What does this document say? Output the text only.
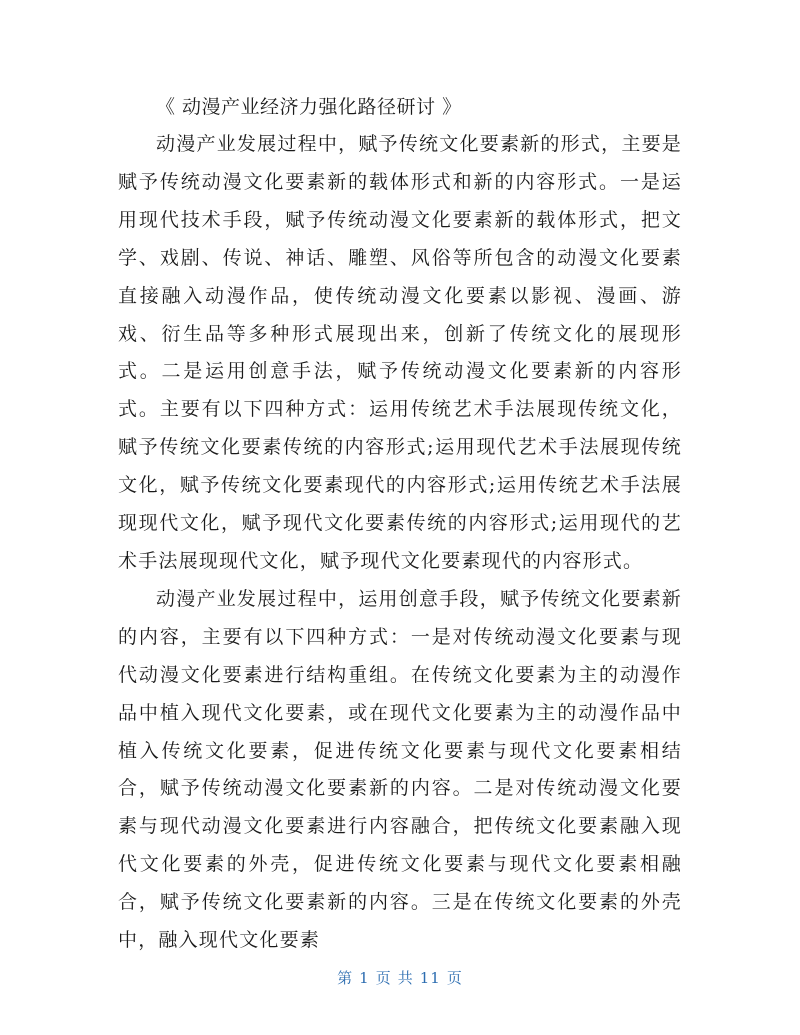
《 动漫产业经济力强化路径研讨 》

动漫产业发展过程中，赋予传统文化要素新的形式，主要是赋予传统动漫文化要素新的载体形式和新的内容形式。一是运用现代技术手段，赋予传统动漫文化要素新的载体形式，把文学、戏剧、传说、神话、雕塑、风俗等所包含的动漫文化要素直接融入动漫作品，使传统动漫文化要素以影视、漫画、游戏、衍生品等多种形式展现出来，创新了传统文化的展现形式。二是运用创意手法，赋予传统动漫文化要素新的内容形式。主要有以下四种方式：运用传统艺术手法展现传统文化，赋予传统文化要素传统的内容形式;运用现代艺术手法展现传统文化，赋予传统文化要素现代的内容形式;运用传统艺术手法展现现代文化，赋予现代文化要素传统的内容形式;运用现代的艺术手法展现现代文化，赋予现代文化要素现代的内容形式。

动漫产业发展过程中，运用创意手段，赋予传统文化要素新的内容，主要有以下四种方式：一是对传统动漫文化要素与现代动漫文化要素进行结构重组。在传统文化要素为主的动漫作品中植入现代文化要素，或在现代文化要素为主的动漫作品中植入传统文化要素，促进传统文化要素与现代文化要素相结合，赋予传统动漫文化要素新的内容。二是对传统动漫文化要素与现代动漫文化要素进行内容融合，把传统文化要素融入现代文化要素的外壳，促进传统文化要素与现代文化要素相融合，赋予传统文化要素新的内容。三是在传统文化要素的外壳中，融入现代文化要素

第 1 页 共 11 页
